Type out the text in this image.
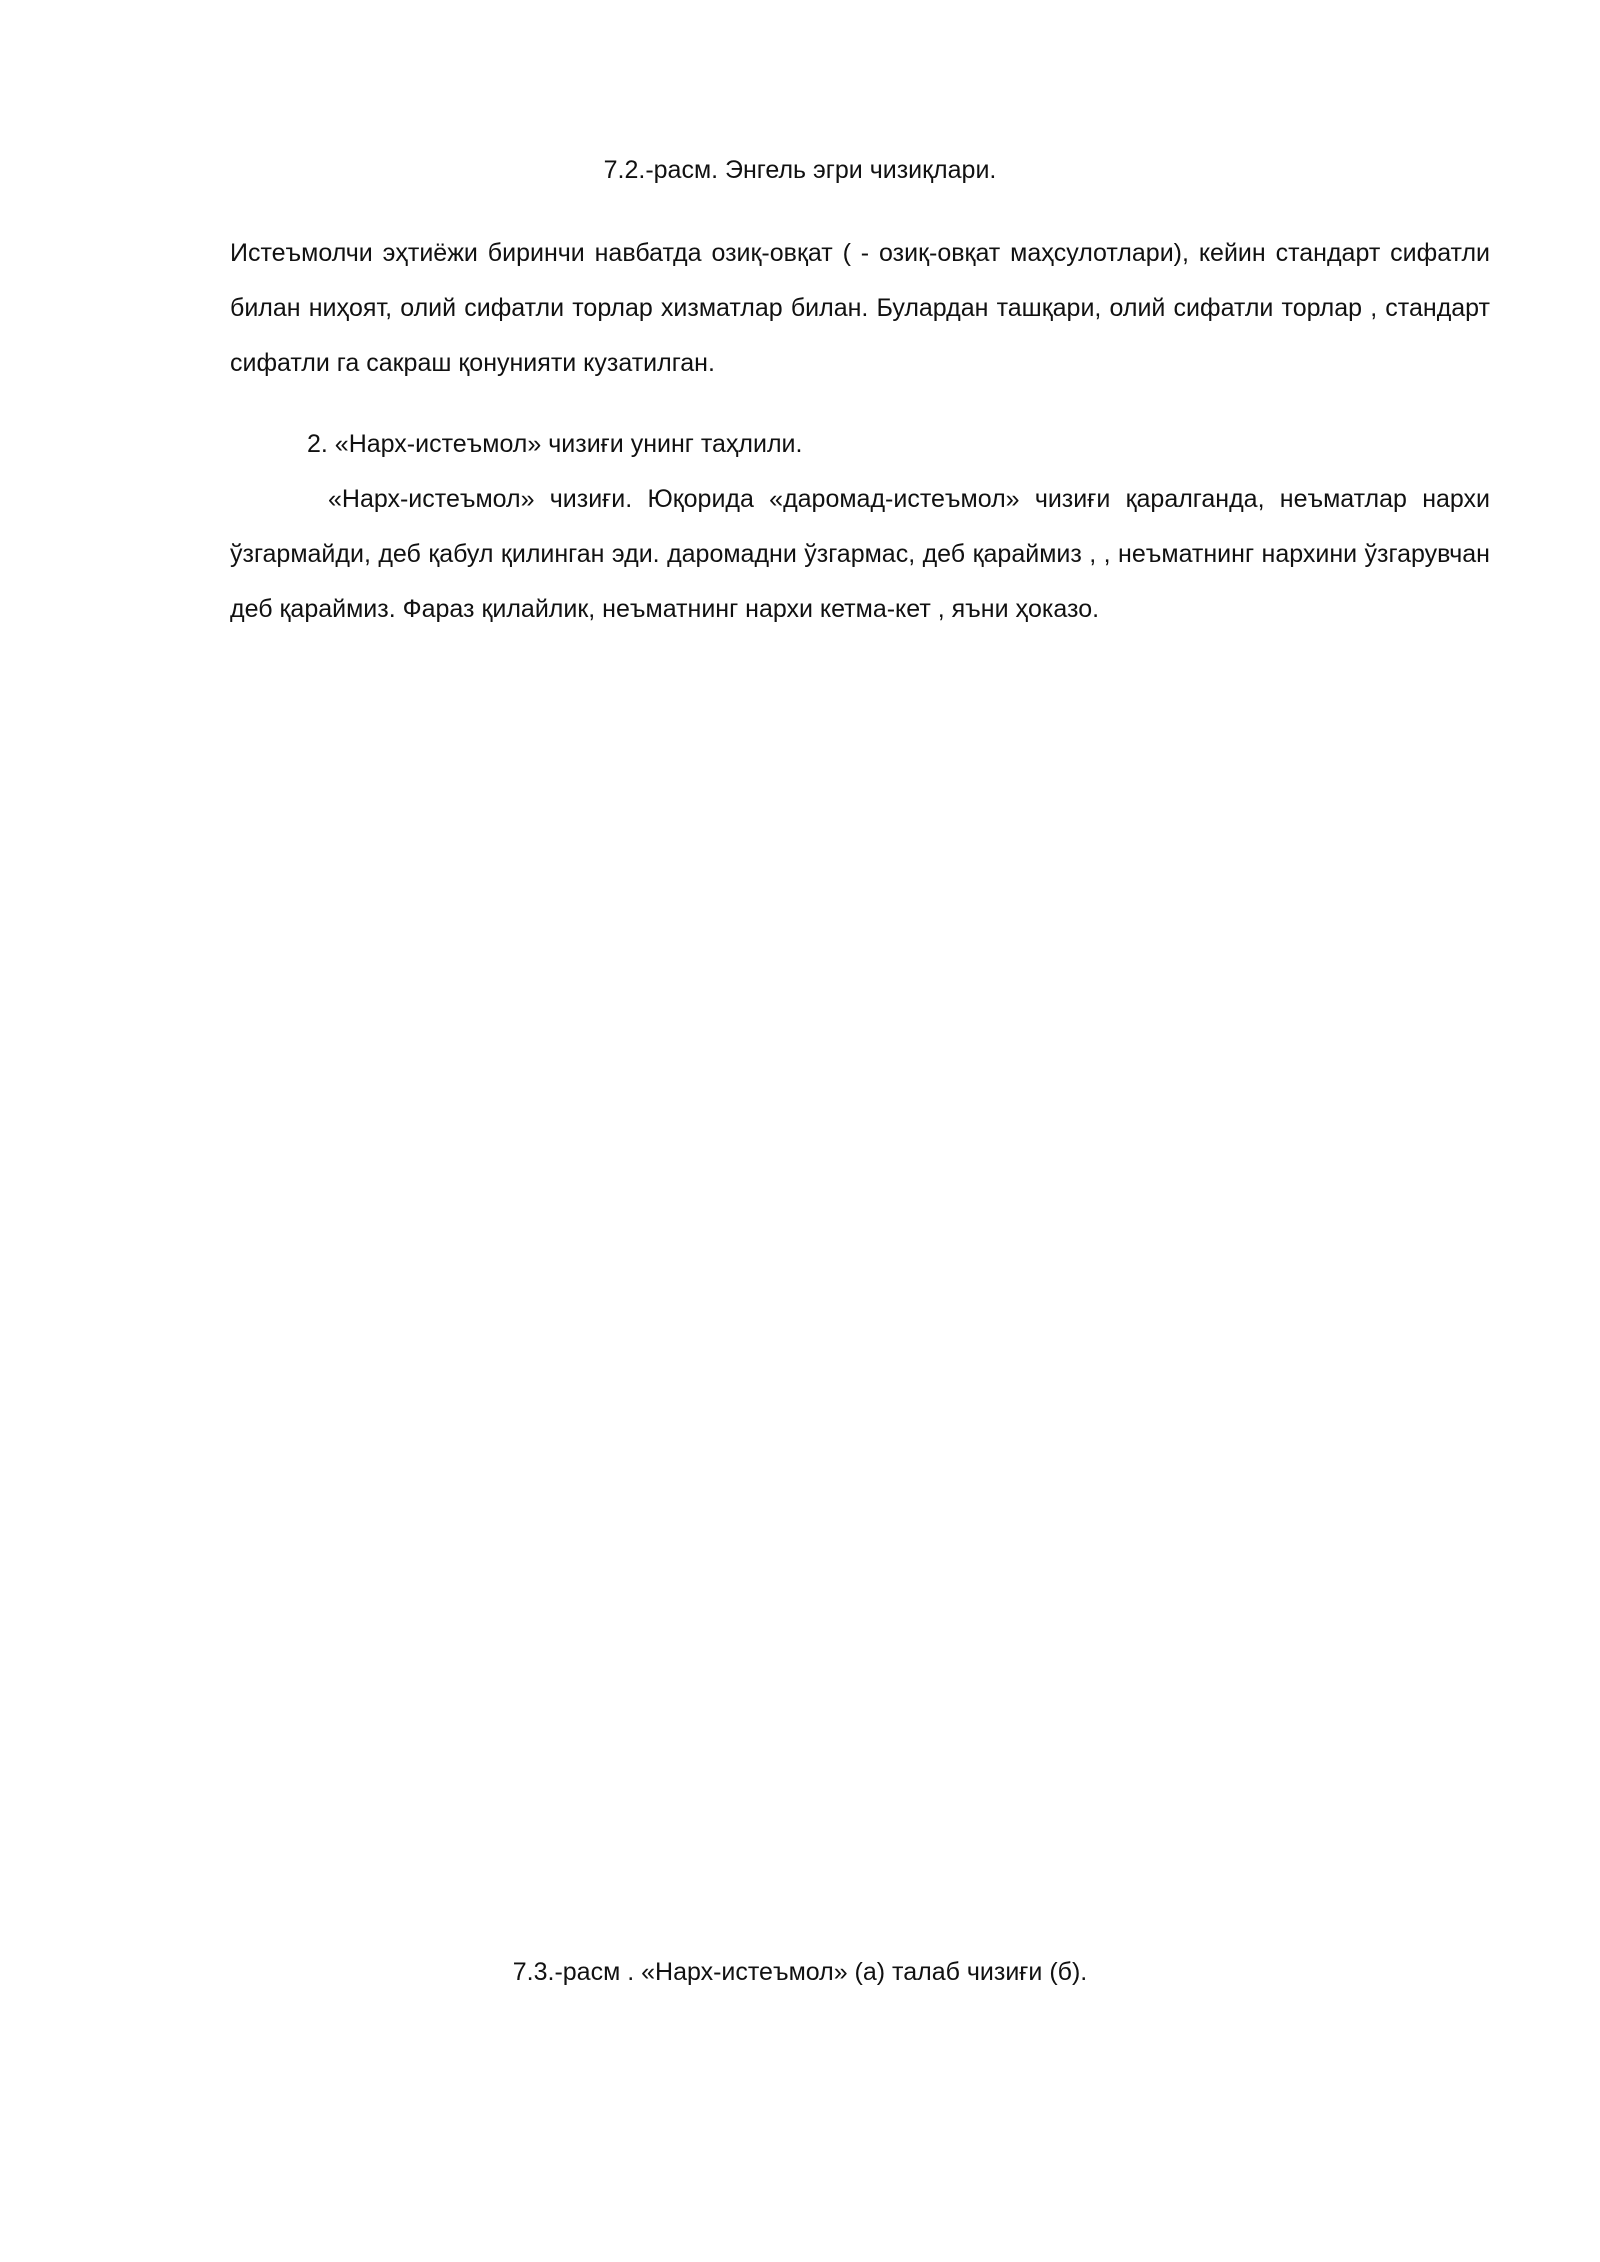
7.2.-расм. Энгель эгри чизиқлари.

Истеъмолчи эҳтиёжи биринчи навбатда озиқ-овқат ( - озиқ-овқат маҳсулотлари), кейин стандарт сифатли билан ниҳоят, олий сифатли торлар хизматлар билан. Булардан ташқари, олий сифатли торлар , стандарт сифатли га сакраш қонунияти кузатилган.

2. «Нарх-истеъмол» чизиғи унинг таҳлили.

«Нарх-истеъмол» чизиғи. Юқорида «даромад-истеъмол» чизиғи қаралганда, неъматлар нархи ўзгармайди, деб қабул қилинган эди. даромадни ўзгармас, деб қараймиз , , неъматнинг нархини ўзгарувчан деб қараймиз. Фараз қилайлик, неъматнинг нархи кетма-кет , яъни ҳоказо.

7.3.-расм . «Нарх-истеъмол» (а) талаб чизиғи (б).
